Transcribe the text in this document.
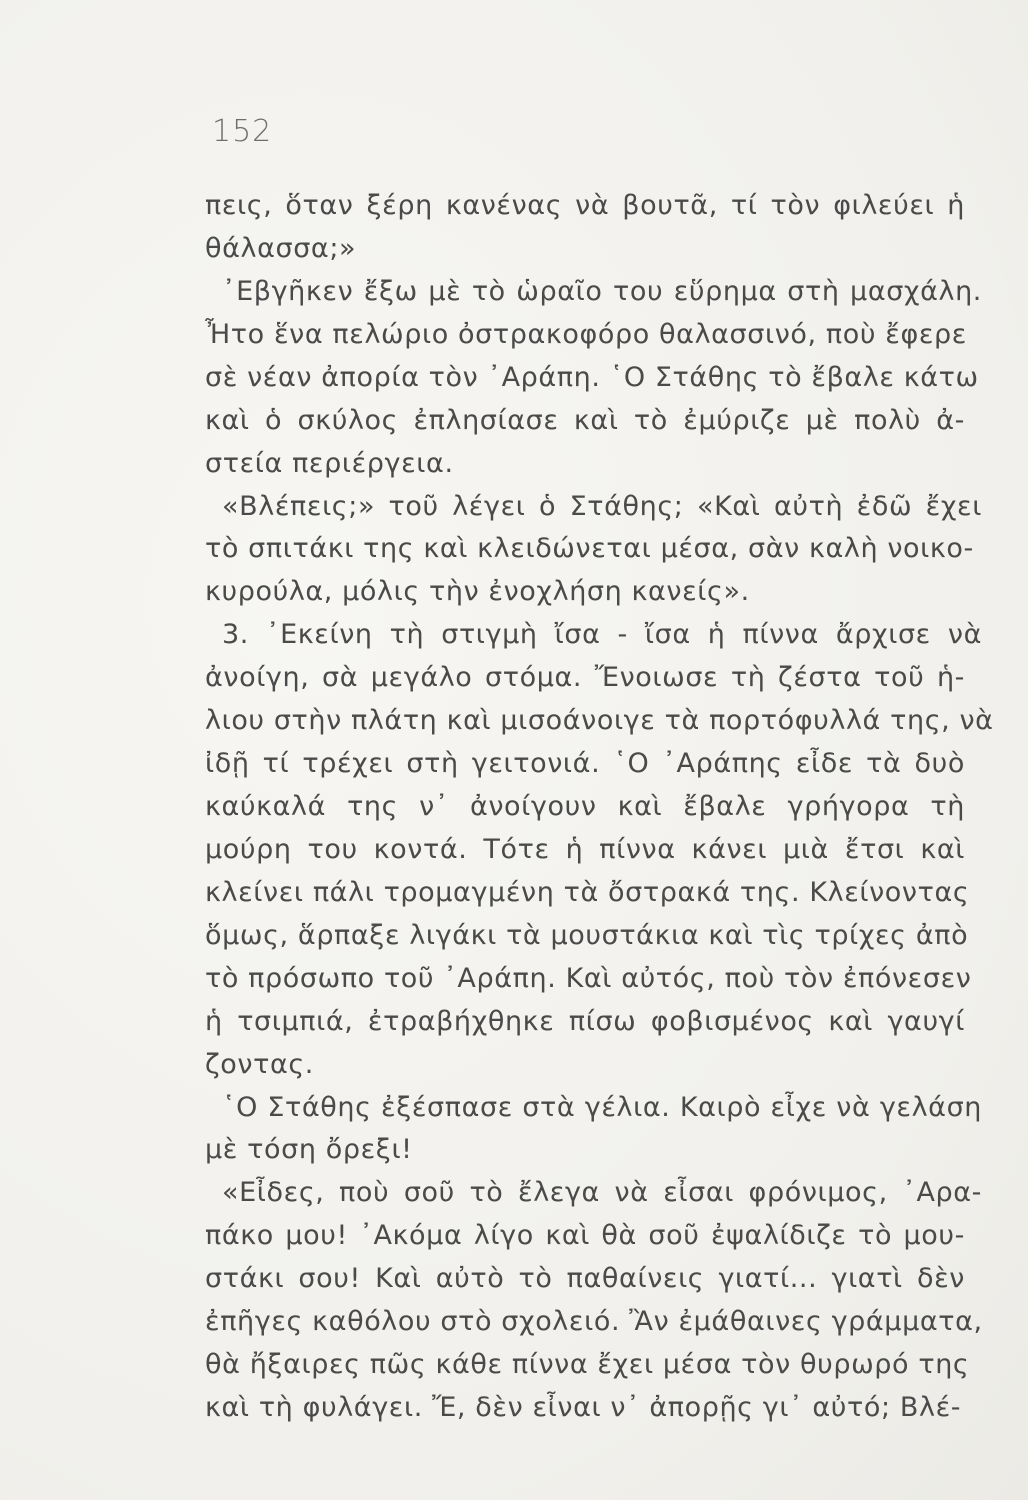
152
πεις, ὅταν ξέρη κανένας νὰ βουτᾶ, τί τὸν φιλεύει ἡ
θάλασσα;»
᾿Εβγῆκεν ἔξω μὲ τὸ ὡραῖο του εὕρημα στὴ μασχάλη.
Ἦτο ἕνα πελώριο ὀστρακοφόρο θαλασσινό, ποὺ ἔφερε
σὲ νέαν ἀπορία τὸν ᾿Αράπη. ῾Ο Στάθης τὸ ἔβαλε κάτω
καὶ ὁ σκύλος ἐπλησίασε καὶ τὸ ἐμύριζε μὲ πολὺ ἀ-
στεία περιέργεια.
«Βλέπεις;» τοῦ λέγει ὁ Στάθης; «Καὶ αὐτὴ ἐδῶ ἔχει
τὸ σπιτάκι της καὶ κλειδώνεται μέσα, σὰν καλὴ νοικο-
κυρούλα, μόλις τὴν ἐνοχλήση κανείς».
3. ᾿Εκείνη τὴ στιγμὴ ἴσα - ἴσα ἡ πίννα ἄρχισε νὰ
ἀνοίγη, σὰ μεγάλο στόμα. Ἔνοιωσε τὴ ζέστα τοῦ ἡ-
λιου στὴν πλάτη καὶ μισοάνοιγε τὰ πορτόφυλλά της, νὰ
ἰδῇ τί τρέχει στὴ γειτονιά. ῾Ο ᾿Αράπης εἶδε τὰ δυὸ
καύκαλά της ν᾿ ἀνοίγουν καὶ ἔβαλε γρήγορα τὴ
μούρη του κοντά. Τότε ἡ πίννα κάνει μιὰ ἔτσι καὶ
κλείνει πάλι τρομαγμένη τὰ ὄστρακά της. Κλείνοντας
ὅμως, ἅρπαξε λιγάκι τὰ μουστάκια καὶ τὶς τρίχες ἀπὸ
τὸ πρόσωπο τοῦ ᾿Αράπη. Καὶ αὐτός, ποὺ τὸν ἐπόνεσεν
ἡ τσιμπιά, ἐτραβήχθηκε πίσω φοβισμένος καὶ γαυγί
ζοντας.
῾Ο Στάθης ἐξέσπασε στὰ γέλια. Καιρὸ εἶχε νὰ γελάση
μὲ τόση ὄρεξι!
«Εἶδες, ποὺ σοῦ τὸ ἔλεγα νὰ εἶσαι φρόνιμος, ᾿Αρα-
πάκο μου! ᾿Ακόμα λίγο καὶ θὰ σοῦ ἐψαλίδιζε τὸ μου-
στάκι σου! Καὶ αὐτὸ τὸ παθαίνεις γιατί... γιατὶ δὲν
ἐπῆγες καθόλου στὸ σχολειό. Ἂν ἐμάθαινες γράμματα,
θὰ ἤξαιρες πῶς κάθε πίννα ἔχει μέσα τὸν θυρωρό της
καὶ τὴ φυλάγει. Ἔ, δὲν εἶναι ν᾿ ἀπορῇς γι᾿ αὐτό; Βλέ-
